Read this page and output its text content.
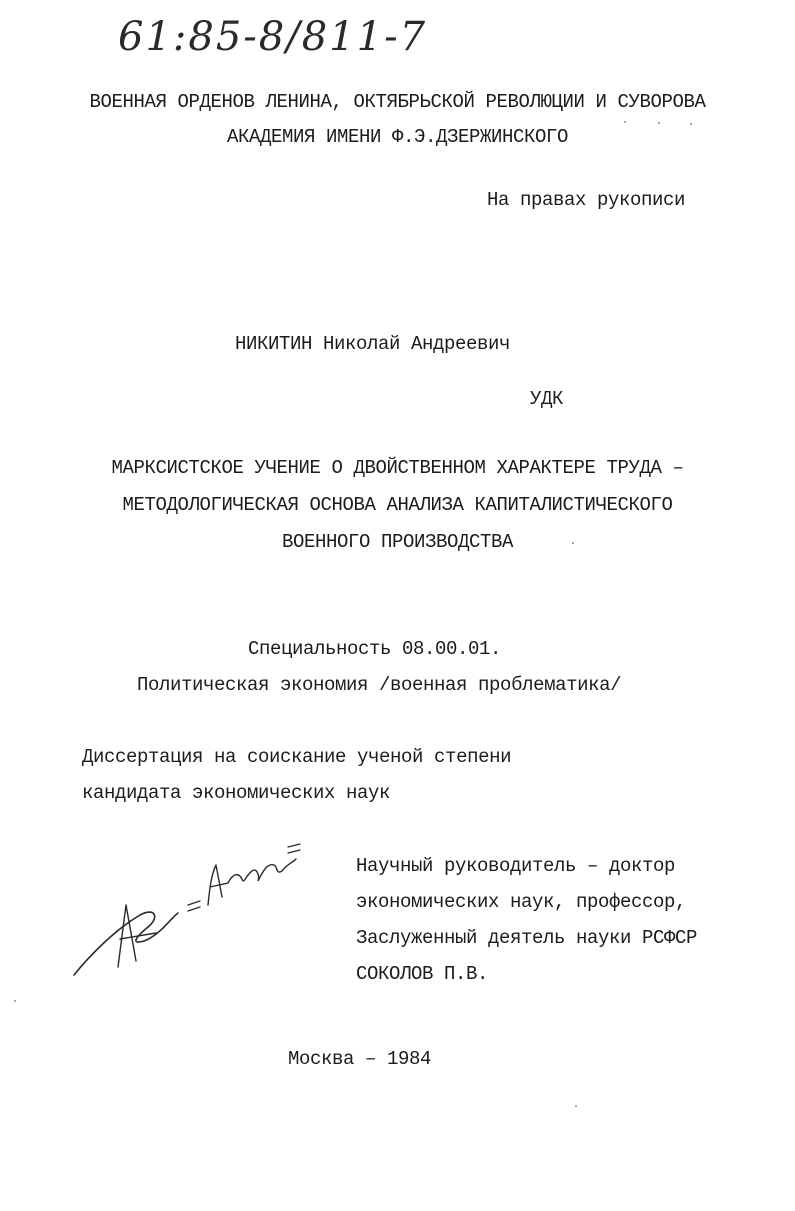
61:85-8/811-7
ВОЕННАЯ ОРДЕНОВ ЛЕНИНА, ОКТЯБРЬСКОЙ РЕВОЛЮЦИИ И СУВОРОВА
АКАДЕМИЯ ИМЕНИ Ф.Э.ДЗЕРЖИНСКОГО
На правах рукописи
НИКИТИН Николай Андреевич
УДК
МАРКСИСТСКОЕ УЧЕНИЕ О ДВОЙСТВЕННОМ ХАРАКТЕРЕ ТРУДА –
МЕТОДОЛОГИЧЕСКАЯ ОСНОВА АНАЛИЗА КАПИТАЛИСТИЧЕСКОГО
ВОЕННОГО ПРОИЗВОДСТВА
Специальность 08.00.01.
Политическая экономия /военная проблематика/
Диссертация на соискание ученой степени
кандидата экономических наук
Научный руководитель – доктор
экономических наук, профессор,
Заслуженный деятель науки РСФСР
СОКОЛОВ П.В.
Москва – 1984
